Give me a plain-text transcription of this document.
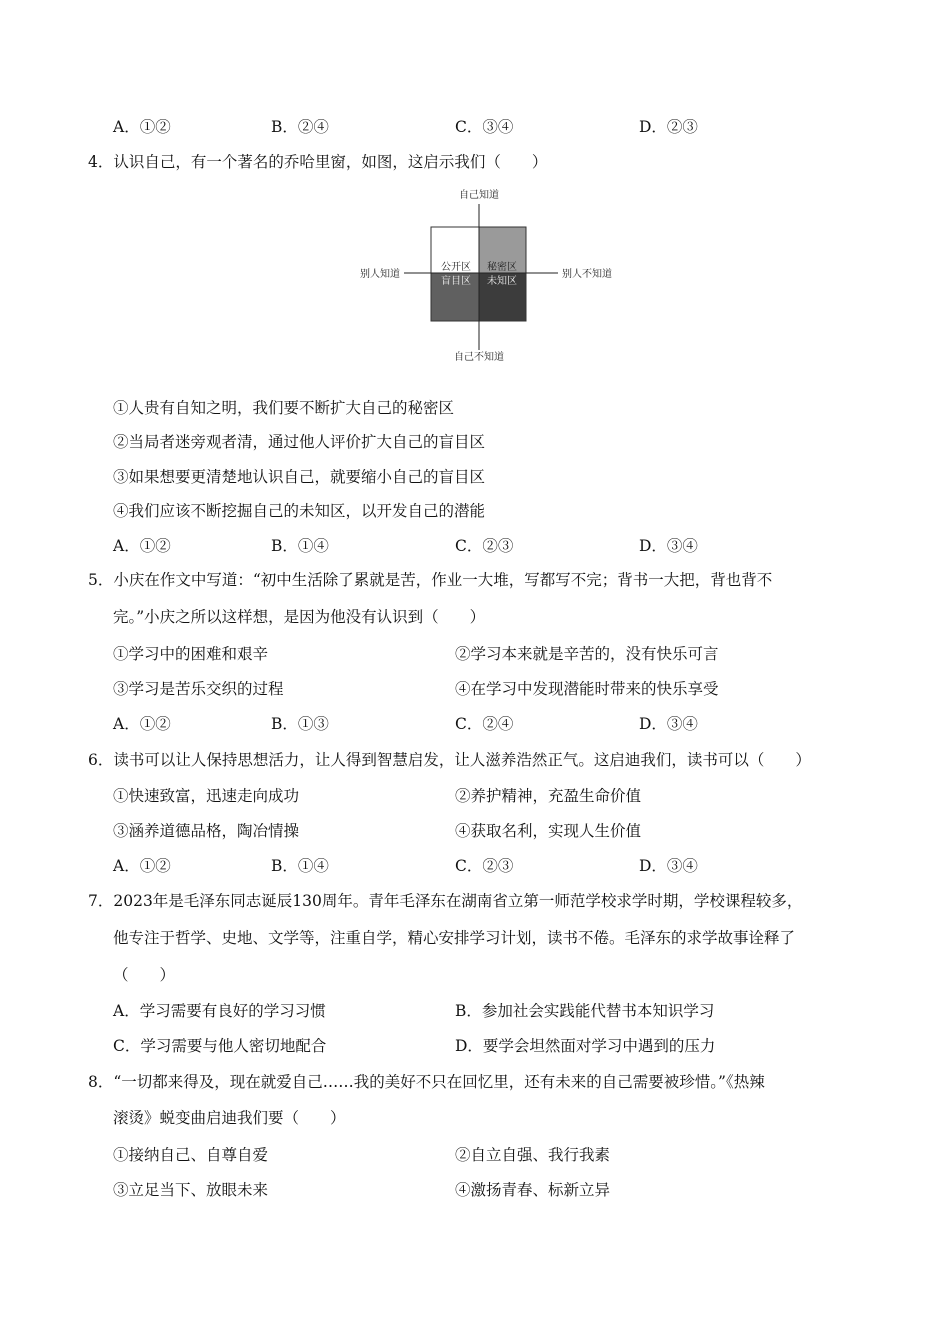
A．①②	B．②④	C．③④	D．②③
4．认识自己，有一个著名的乔哈里窗，如图，这启示我们（　　）
自己知道
自己不知道
别人知道	别人不知道
公开区 秘密区
盲目区 未知区
①人贵有自知之明，我们要不断扩大自己的秘密区
②当局者迷旁观者清，通过他人评价扩大自己的盲目区
③如果想要更清楚地认识自己，就要缩小自己的盲目区
④我们应该不断挖掘自己的未知区，以开发自己的潜能
A．①②	B．①④	C．②③	D．③④
5．小庆在作文中写道：“初中生活除了累就是苦，作业一大堆，写都写不完；背书一大把，背也背不
完。”小庆之所以这样想，是因为他没有认识到（　　）
①学习中的困难和艰辛	②学习本来就是辛苦的，没有快乐可言
③学习是苦乐交织的过程	④在学习中发现潜能时带来的快乐享受
A．①②	B．①③	C．②④	D．③④
6．读书可以让人保持思想活力，让人得到智慧启发，让人滋养浩然正气。这启迪我们，读书可以（　　）
①快速致富，迅速走向成功	②养护精神，充盈生命价值
③涵养道德品格，陶冶情操	④获取名利，实现人生价值
A．①②	B．①④	C．②③	D．③④
7．2023年是毛泽东同志诞辰130周年。青年毛泽东在湖南省立第一师范学校求学时期，学校课程较多，
他专注于哲学、史地、文学等，注重自学，精心安排学习计划，读书不倦。毛泽东的求学故事诠释了
（　　）
A．学习需要有良好的学习习惯	B．参加社会实践能代替书本知识学习
C．学习需要与他人密切地配合	D．要学会坦然面对学习中遇到的压力
8．“一切都来得及，现在就爱自己……我的美好不只在回忆里，还有未来的自己需要被珍惜。”《热辣
滚烫》蜕变曲启迪我们要（　　）
①接纳自己、自尊自爱	②自立自强、我行我素
③立足当下、放眼未来	④激扬青春、标新立异
